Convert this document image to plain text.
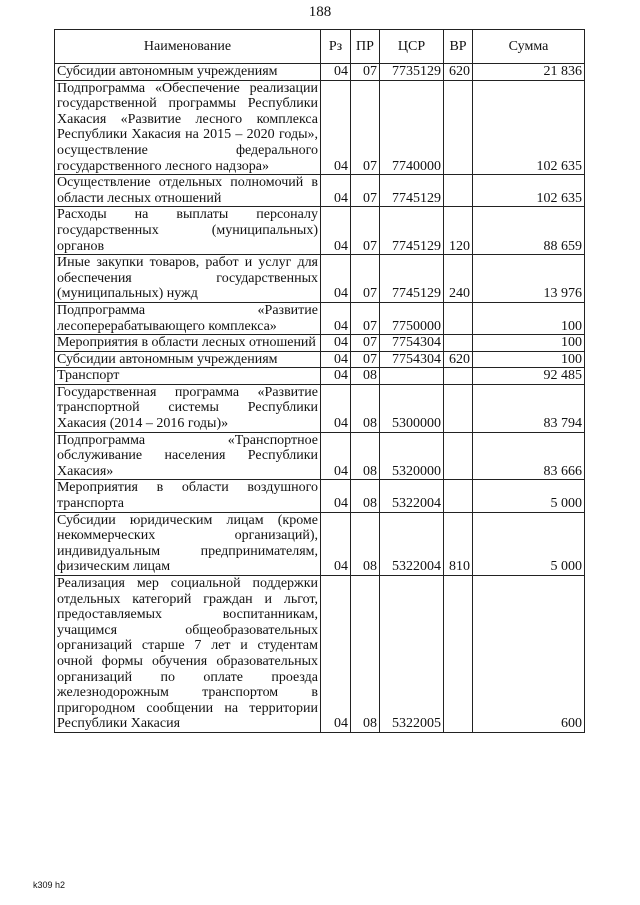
188
Наименование	Рз	ПР	ЦСР	ВР	Сумма
Субсидии автономным учреждениям	04	07	7735129	620	21 836
Подпрограмма «Обеспечение реализации государственной программы Республики Хакасия «Развитие лесного комплекса Республики Хакасия на 2015 – 2020 годы», осуществление федерального государственного лесного надзора»	04	07	7740000		102 635
Осуществление отдельных полномочий в области лесных отношений	04	07	7745129		102 635
Расходы на выплаты персоналу государственных (муниципальных) органов	04	07	7745129	120	88 659
Иные закупки товаров, работ и услуг для обеспечения государственных (муниципальных) нужд	04	07	7745129	240	13 976
Подпрограмма «Развитие лесоперерабатывающего комплекса»	04	07	7750000		100
Мероприятия в области лесных отношений	04	07	7754304		100
Субсидии автономным учреждениям	04	07	7754304	620	100
Транспорт	04	08			92 485
Государственная программа «Развитие транспортной системы Республики Хакасия (2014 – 2016 годы)»	04	08	5300000		83 794
Подпрограмма «Транспортное обслуживание населения Республики Хакасия»	04	08	5320000		83 666
Мероприятия в области воздушного транспорта	04	08	5322004		5 000
Субсидии юридическим лицам (кроме некоммерческих организаций), индивидуальным предпринимателям, физическим лицам	04	08	5322004	810	5 000
Реализация мер социальной поддержки отдельных категорий граждан и льгот, предоставляемых воспитанникам, учащимся общеобразовательных организаций старше 7 лет и студентам очной формы обучения образовательных организаций по оплате проезда железнодорожным транспортом в пригородном сообщении на территории Республики Хакасия	04	08	5322005		600
k309 h2
